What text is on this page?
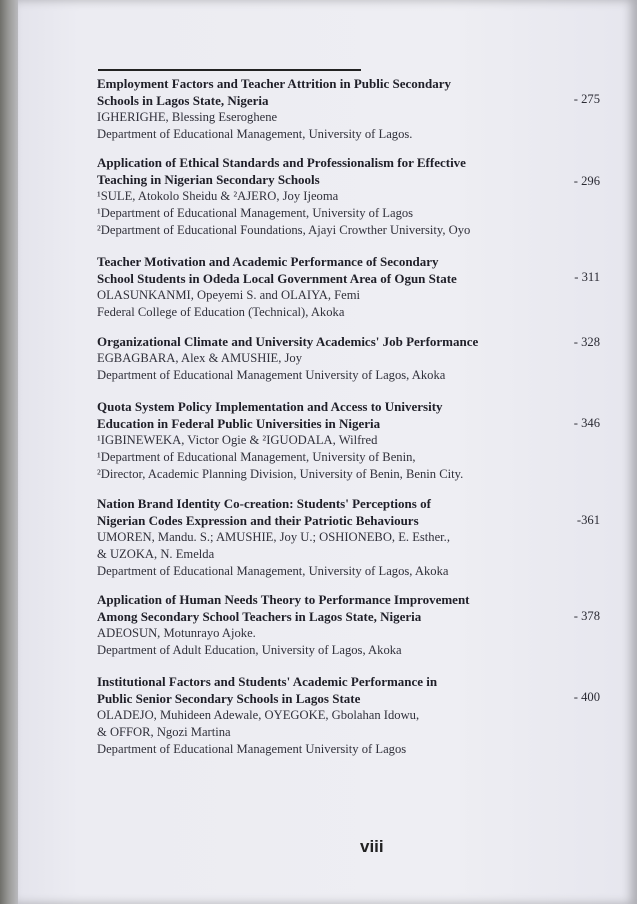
Employment Factors and Teacher Attrition in Public Secondary
Schools in Lagos State, Nigeria
IGHERIGHE, Blessing Eseroghene
Department of Educational Management, University of Lagos.
- 275
Application of Ethical Standards and Professionalism for Effective
Teaching in Nigerian Secondary Schools
¹SULE, Atokolo Sheidu & ²AJERO, Joy Ijeoma
¹Department of Educational Management, University of Lagos
²Department of Educational Foundations, Ajayi Crowther University, Oyo
- 296
Teacher Motivation and Academic Performance of Secondary
School Students in Odeda Local Government Area of Ogun State
OLASUNKANMI, Opeyemi S. and OLAIYA, Femi
Federal College of Education (Technical), Akoka
- 311
Organizational Climate and University Academics' Job Performance
EGBAGBARA, Alex & AMUSHIE, Joy
Department of Educational Management University of Lagos, Akoka
- 328
Quota System Policy Implementation and Access to University
Education in Federal Public Universities in Nigeria
¹IGBINEWEKA, Victor Ogie & ²IGUODALA, Wilfred
¹Department of Educational Management, University of Benin,
²Director, Academic Planning Division, University of Benin, Benin City.
- 346
Nation Brand Identity Co-creation: Students' Perceptions of
Nigerian Codes Expression and their Patriotic Behaviours
UMOREN, Mandu. S.; AMUSHIE, Joy U.; OSHIONEBO, E. Esther.,
& UZOKA, N. Emelda
Department of Educational Management, University of Lagos, Akoka
-361
Application of Human Needs Theory to Performance Improvement
Among Secondary School Teachers in Lagos State, Nigeria
ADEOSUN, Motunrayo Ajoke.
Department of Adult Education, University of Lagos, Akoka
- 378
Institutional Factors and Students' Academic Performance in
Public Senior Secondary Schools in Lagos State
OLADEJO, Muhideen Adewale, OYEGOKE, Gbolahan Idowu,
& OFFOR, Ngozi Martina
Department of Educational Management University of Lagos
- 400
viii
